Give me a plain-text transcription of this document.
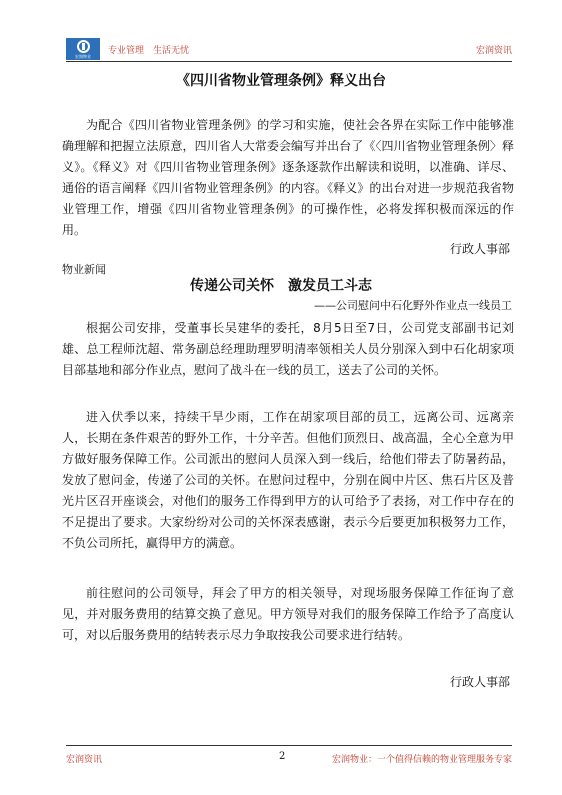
宏润物业 专业管理　生活无忧	宏润资讯
《四川省物业管理条例》释义出台

为配合《四川省物业管理条例》的学习和实施，使社会各界在实际工作中能够准确理解和把握立法原意，四川省人大常委会编写并出台了《〈四川省物业管理条例〉释义》。《释义》对《四川省物业管理条例》逐条逐款作出解读和说明，以准确、详尽、通俗的语言阐释《四川省物业管理条例》的内容。《释义》的出台对进一步规范我省物业管理工作，增强《四川省物业管理条例》的可操作性，必将发挥积极而深远的作用。

行政人事部
物业新闻
传递公司关怀　激发员工斗志
——公司慰问中石化野外作业点一线员工

根据公司安排，受董事长吴建华的委托，8月5日至7日，公司党支部副书记刘雄、总工程师沈超、常务副总经理助理罗明清率领相关人员分别深入到中石化胡家项目部基地和部分作业点，慰问了战斗在一线的员工，送去了公司的关怀。

进入伏季以来，持续干旱少雨，工作在胡家项目部的员工，远离公司、远离亲人，长期在条件艰苦的野外工作，十分辛苦。但他们顶烈日、战高温，全心全意为甲方做好服务保障工作。公司派出的慰问人员深入到一线后，给他们带去了防暑药品，发放了慰问金，传递了公司的关怀。在慰问过程中，分别在阆中片区、焦石片区及普光片区召开座谈会，对他们的服务工作得到甲方的认可给予了表扬，对工作中存在的不足提出了要求。大家纷纷对公司的关怀深表感谢，表示今后要更加积极努力工作，不负公司所托，赢得甲方的满意。

前往慰问的公司领导，拜会了甲方的相关领导，对现场服务保障工作征询了意见，并对服务费用的结算交换了意见。甲方领导对我们的服务保障工作给予了高度认可，对以后服务费用的结转表示尽力争取按我公司要求进行结转。

行政人事部
宏润资讯	2	宏润物业：一个值得信赖的物业管理服务专家
